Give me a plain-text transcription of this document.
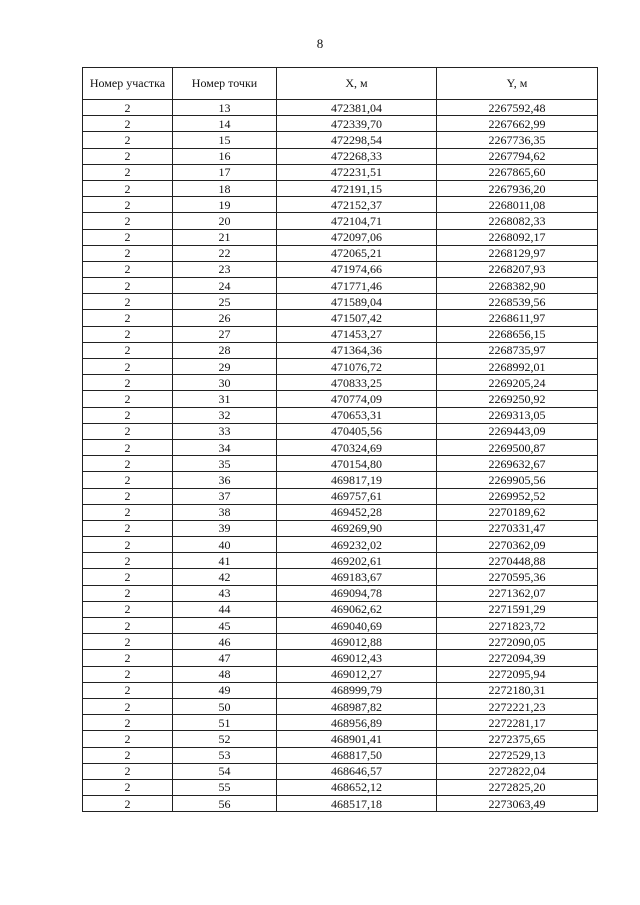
8
Номер участка	Номер точки	X, м	Y, м
2	13	472381,04	2267592,48
2	14	472339,70	2267662,99
2	15	472298,54	2267736,35
2	16	472268,33	2267794,62
2	17	472231,51	2267865,60
2	18	472191,15	2267936,20
2	19	472152,37	2268011,08
2	20	472104,71	2268082,33
2	21	472097,06	2268092,17
2	22	472065,21	2268129,97
2	23	471974,66	2268207,93
2	24	471771,46	2268382,90
2	25	471589,04	2268539,56
2	26	471507,42	2268611,97
2	27	471453,27	2268656,15
2	28	471364,36	2268735,97
2	29	471076,72	2268992,01
2	30	470833,25	2269205,24
2	31	470774,09	2269250,92
2	32	470653,31	2269313,05
2	33	470405,56	2269443,09
2	34	470324,69	2269500,87
2	35	470154,80	2269632,67
2	36	469817,19	2269905,56
2	37	469757,61	2269952,52
2	38	469452,28	2270189,62
2	39	469269,90	2270331,47
2	40	469232,02	2270362,09
2	41	469202,61	2270448,88
2	42	469183,67	2270595,36
2	43	469094,78	2271362,07
2	44	469062,62	2271591,29
2	45	469040,69	2271823,72
2	46	469012,88	2272090,05
2	47	469012,43	2272094,39
2	48	469012,27	2272095,94
2	49	468999,79	2272180,31
2	50	468987,82	2272221,23
2	51	468956,89	2272281,17
2	52	468901,41	2272375,65
2	53	468817,50	2272529,13
2	54	468646,57	2272822,04
2	55	468652,12	2272825,20
2	56	468517,18	2273063,49
